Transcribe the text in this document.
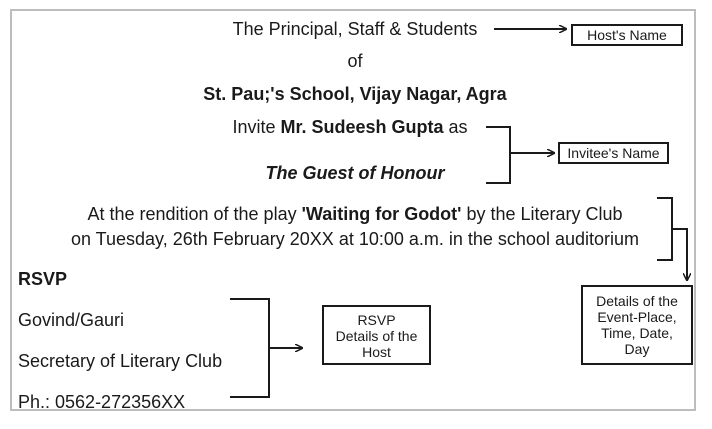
The Principal, Staff & Students
of
St. Pau;'s School, Vijay Nagar, Agra
Invite Mr. Sudeesh Gupta as
The Guest of Honour
At the rendition of the play 'Waiting for Godot' by the Literary Club
on Tuesday, 26th February 20XX at 10:00 a.m. in the school auditorium
RSVP
Govind/Gauri
Secretary of Literary Club
Ph.: 0562-272356XX
Host's Name
Invitee's Name
Details of the
Event-Place,
Time, Date,
Day
RSVP
Details of the
Host
